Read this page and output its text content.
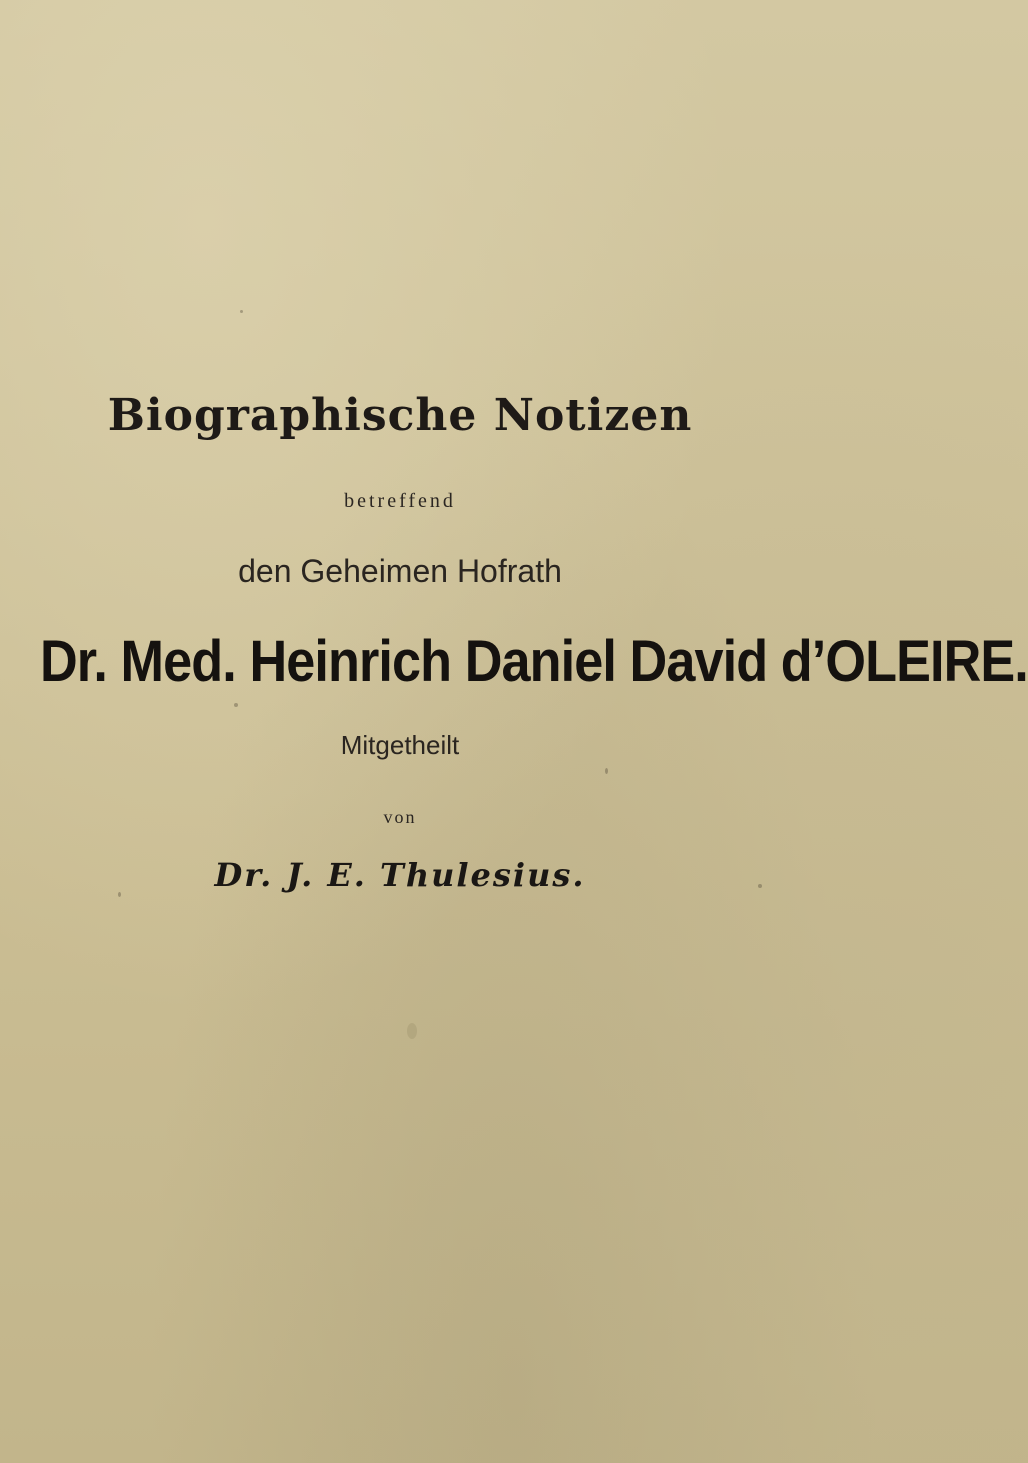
Biographische Notizen
betreffend
den Geheimen Hofrath
Dr. Med. Heinrich Daniel David d’OLEIRE.
Mitgetheilt
von
Dr. J. E. Thulesius.
